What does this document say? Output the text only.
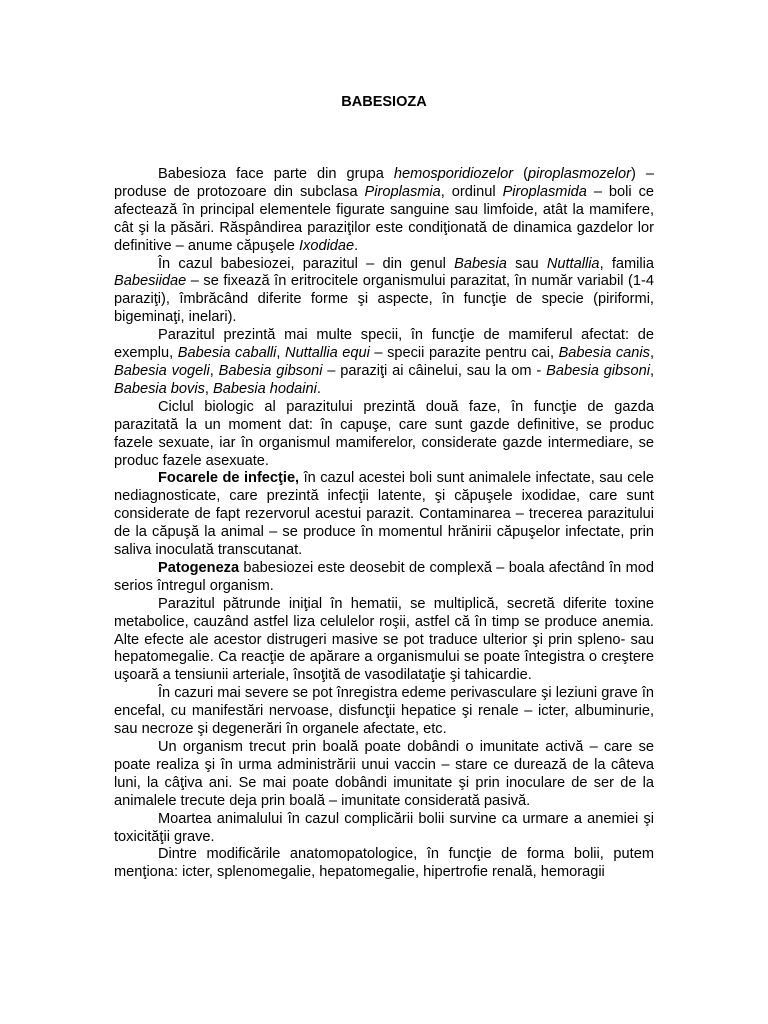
BABESIOZA

Babesioza face parte din grupa hemosporidiozelor (piroplasmozelor) – produse de protozoare din subclasa Piroplasmia, ordinul Piroplasmida – boli ce afectează în principal elementele figurate sanguine sau limfoide, atât la mamifere, cât şi la păsări. Răspândirea paraziţilor este condiţionată de dinamica gazdelor lor definitive – anume căpuşele Ixodidae.

În cazul babesiozei, parazitul – din genul Babesia sau Nuttallia, familia Babesiidae – se fixează în eritrocitele organismului parazitat, în număr variabil (1-4 paraziţi), îmbrăcând diferite forme şi aspecte, în funcţie de specie (piriformi, bigeminaţi, inelari).

Parazitul prezintă mai multe specii, în funcţie de mamiferul afectat: de exemplu, Babesia caballi, Nuttallia equi – specii parazite pentru cai, Babesia canis, Babesia vogeli, Babesia gibsoni – paraziţi ai câinelui, sau la om - Babesia gibsoni, Babesia bovis, Babesia hodaini.

Ciclul biologic al parazitului prezintă două faze, în funcţie de gazda parazitată la un moment dat: în capuşe, care sunt gazde definitive, se produc fazele sexuate, iar în organismul mamiferelor, considerate gazde intermediare, se produc fazele asexuate.

Focarele de infecţie, în cazul acestei boli sunt animalele infectate, sau cele nediagnosticate, care prezintă infecţii latente, şi căpuşele ixodidae, care sunt considerate de fapt rezervorul acestui parazit. Contaminarea – trecerea parazitului de la căpuşă la animal – se produce în momentul hrănirii căpuşelor infectate, prin saliva inoculată transcutanat.

Patogeneza babesiozei este deosebit de complexă – boala afectând în mod serios întregul organism.

Parazitul pătrunde iniţial în hematii, se multiplică, secretă diferite toxine metabolice, cauzând astfel liza celulelor roşii, astfel că în timp se produce anemia. Alte efecte ale acestor distrugeri masive se pot traduce ulterior şi prin spleno- sau hepatomegalie. Ca reacţie de apărare a organismului se poate întegistra o creştere uşoară a tensiunii arteriale, însoţită de vasodilataţie şi tahicardie.

În cazuri mai severe se pot înregistra edeme perivasculare şi leziuni grave în encefal, cu manifestări nervoase, disfuncţii hepatice şi renale – icter, albuminurie, sau necroze şi degenerări în organele afectate, etc.

Un organism trecut prin boală poate dobândi o imunitate activă – care se poate realiza şi în urma administrării unui vaccin – stare ce durează de la câteva luni, la câţiva ani. Se mai poate dobândi imunitate şi prin inoculare de ser de la animalele trecute deja prin boală – imunitate considerată pasivă.

Moartea animalului în cazul complicării bolii survine ca urmare a anemiei şi toxicităţii grave.

Dintre modificările anatomopatologice, în funcţie de forma bolii, putem menţiona: icter, splenomegalie, hepatomegalie, hipertrofie renală, hemoragii
